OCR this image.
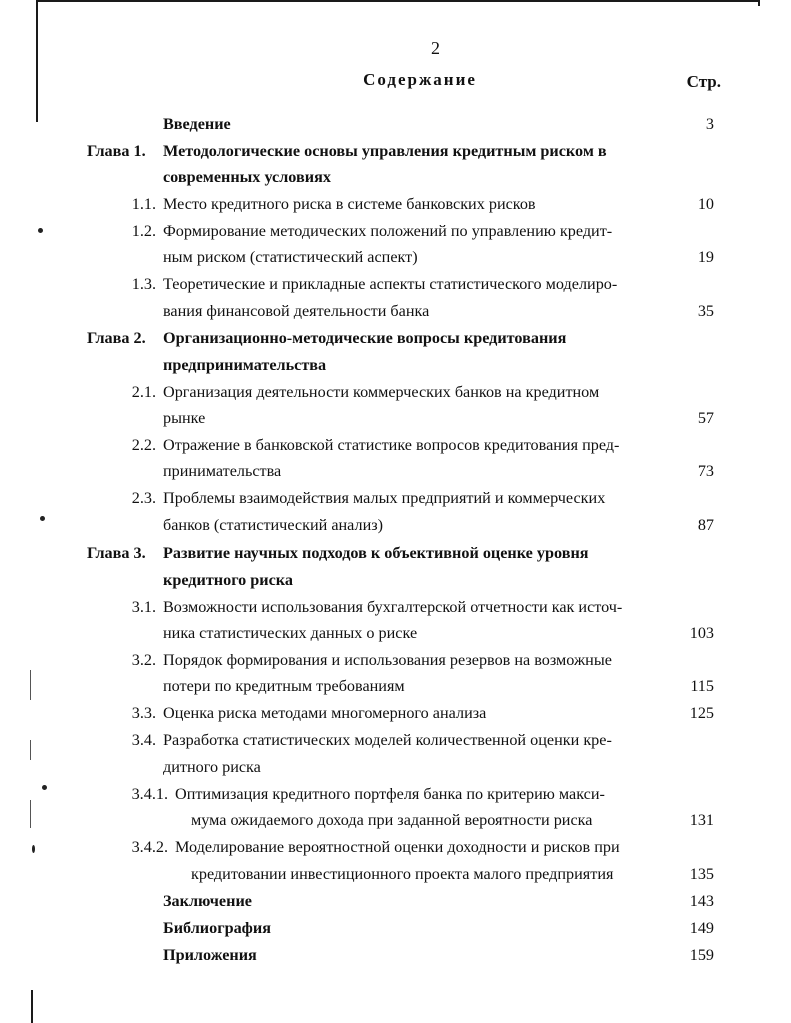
2
Содержание	Стр.
Введение	3
Глава 1. Методологические основы управления кредитным риском в
современных условиях
1.1. Место кредитного риска в системе банковских рисков	10
1.2. Формирование методических положений по управлению кредит-
ным риском (статистический аспект)	19
1.3. Теоретические и прикладные аспекты статистического моделиро-
вания финансовой деятельности банка	35
Глава 2. Организационно-методические вопросы кредитования
предпринимательства
2.1. Организация деятельности коммерческих банков на кредитном
рынке	57
2.2. Отражение в банковской статистике вопросов кредитования пред-
принимательства	73
2.3. Проблемы взаимодействия малых предприятий и коммерческих
банков (статистический анализ)	87
Глава 3. Развитие научных подходов к объективной оценке уровня
кредитного риска
3.1. Возможности использования бухгалтерской отчетности как источ-
ника статистических данных о риске	103
3.2. Порядок формирования и использования резервов на возможные
потери по кредитным требованиям	115
3.3. Оценка риска методами многомерного анализа	125
3.4. Разработка статистических моделей количественной оценки кре-
дитного риска
3.4.1. Оптимизация кредитного портфеля банка по критерию макси-
мума ожидаемого дохода при заданной вероятности риска	131
3.4.2. Моделирование вероятностной оценки доходности и рисков при
кредитовании инвестиционного проекта малого предприятия	135
Заключение	143
Библиография	149
Приложения	159
